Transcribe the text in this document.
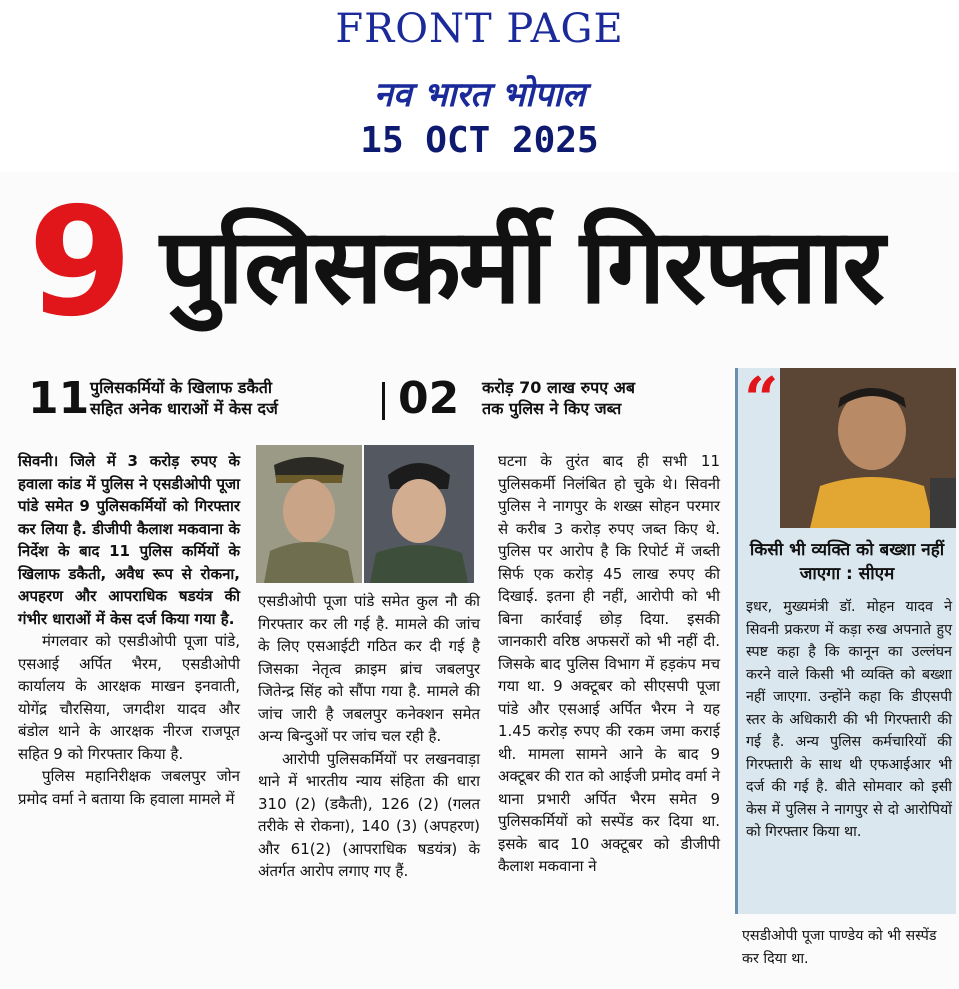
FRONT PAGE
नव भारत भोपाल
15 OCT 2025
9 पुलिसकर्मी गिरफ्तार
11 पुलिसकर्मियों के खिलाफ डकैती
सहित अनेक धाराओं में केस दर्ज	02 करोड़ 70 लाख रुपए अब
तक पुलिस ने किए जब्त

सिवनी। जिले में 3 करोड़ रुपए के हवाला कांड में पुलिस ने एसडीओपी पूजा पांडे समेत 9 पुलिसकर्मियों को गिरफ्तार कर लिया है. डीजीपी कैलाश मकवाना के निर्देश के बाद 11 पुलिस कर्मियों के खिलाफ डकैती, अवैध रूप से रोकना, अपहरण और आपराधिक षडयंत्र की गंभीर धाराओं में केस दर्ज किया गया है.

मंगलवार को एसडीओपी पूजा पांडे, एसआई अर्पित भैरम, एसडीओपी कार्यालय के आरक्षक माखन इनवाती, योगेंद्र चौरसिया, जगदीश यादव और बंडोल थाने के आरक्षक नीरज राजपूत सहित 9 को गिरफ्तार किया है.

पुलिस महानिरीक्षक जबलपुर जोन प्रमोद वर्मा ने बताया कि हवाला मामले में

एसडीओपी पूजा पांडे समेत कुल नौ की गिरफ्तार कर ली गई है. मामले की जांच के लिए एसआईटी गठित कर दी गई है जिसका नेतृत्व क्राइम ब्रांच जबलपुर जितेन्द्र सिंह को सौंपा गया है. मामले की जांच जारी है जबलपुर कनेक्शन समेत अन्य बिन्दुओं पर जांच चल रही है.

आरोपी पुलिसकर्मियों पर लखनवाड़ा थाने में भारतीय न्याय संहिता की धारा 310 (2) (डकैती), 126 (2) (गलत तरीके से रोकना), 140 (3) (अपहरण) और 61(2) (आपराधिक षडयंत्र) के अंतर्गत आरोप लगाए गए हैं.

घटना के तुरंत बाद ही सभी 11 पुलिसकर्मी निलंबित हो चुके थे। सिवनी पुलिस ने नागपुर के शख्स सोहन परमार से करीब 3 करोड़ रुपए जब्त किए थे. पुलिस पर आरोप है कि रिपोर्ट में जब्ती सिर्फ एक करोड़ 45 लाख रुपए की दिखाई. इतना ही नहीं, आरोपी को भी बिना कार्रवाई छोड़ दिया. इसकी जानकारी वरिष्ठ अफसरों को भी नहीं दी. जिसके बाद पुलिस विभाग में हड़कंप मच गया था. 9 अक्टूबर को सीएसपी पूजा पांडे और एसआई अर्पित भैरम ने यह 1.45 करोड़ रुपए की रकम जमा कराई थी. मामला सामने आने के बाद 9 अक्टूबर की रात को आईजी प्रमोद वर्मा ने थाना प्रभारी अर्पित भैरम समेत 9 पुलिसकर्मियों को सस्पेंड कर दिया था. इसके बाद 10 अक्टूबर को डीजीपी कैलाश मकवाना ने

“
किसी भी व्यक्ति को बख्शा नहीं जाएगा : सीएम
इधर, मुख्यमंत्री डॉ. मोहन यादव ने सिवनी प्रकरण में कड़ा रुख अपनाते हुए स्पष्ट कहा है कि कानून का उल्लंघन करने वाले किसी भी व्यक्ति को बख्शा नहीं जाएगा. उन्होंने कहा कि डीएसपी स्तर के अधिकारी की भी गिरफ्तारी की गई है. अन्य पुलिस कर्मचारियों की गिरफ्तारी के साथ थी एफआईआर भी दर्ज की गई है. बीते सोमवार को इसी केस में पुलिस ने नागपुर से दो आरोपियों को गिरफ्तार किया था.
एसडीओपी पूजा पाण्डेय को भी सस्पेंड कर दिया था.
